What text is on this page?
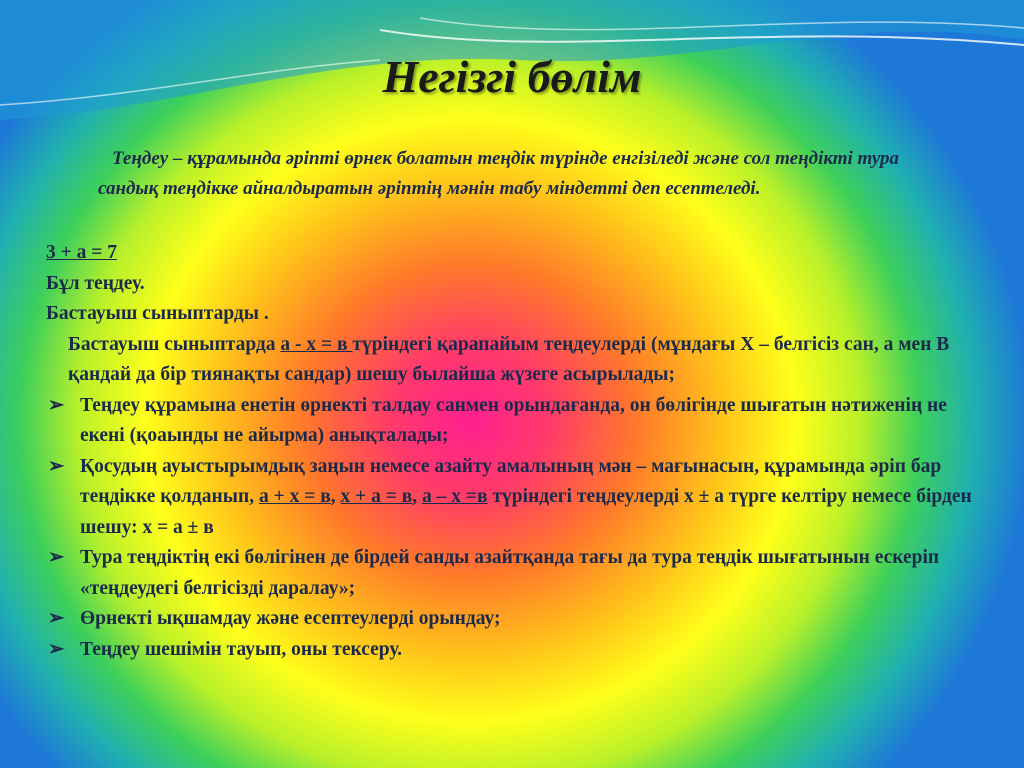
Негізгі бөлім
Теңдеу – құрамында әріпті өрнек болатын теңдік түрінде енгізіледі және сол теңдікті тура сандық теңдікке айналдыратын әріптің мәнін табу міндетті деп есептеледі.
3 + а = 7
Бұл теңдеу.
Бастауыш сыныптарды .
Бастауыш сыныптарда а - х = в түріндегі қарапайым теңдеулерді (мұндағы Х – белгісіз сан, а мен В қандай да бір тиянақты сандар) шешу былайша жүзеге асырылады;
➢ Теңдеу құрамына енетін өрнекті талдау санмен орындағанда, он бөлігінде шығатын нәтиженің не екені (қоаынды не айырма) анықталады;
➢ Қосудың ауыстырымдық заңын немесе азайту амалының мән – мағынасын, құрамында әріп бар теңдікке қолданып, а + х = в, х + а = в, а – х =в түріндегі теңдеулерді х ± а түрге келтіру немесе бірден шешу: х = а ± в
➢ Тура теңдіктің екі бөлігінен де бірдей санды азайтқанда тағы да тура теңдік шығатынын ескеріп «теңдеудегі белгісізді даралау»;
➢ Өрнекті ықшамдау және есептеулерді орындау;
➢ Теңдеу шешімін тауып, оны тексеру.
